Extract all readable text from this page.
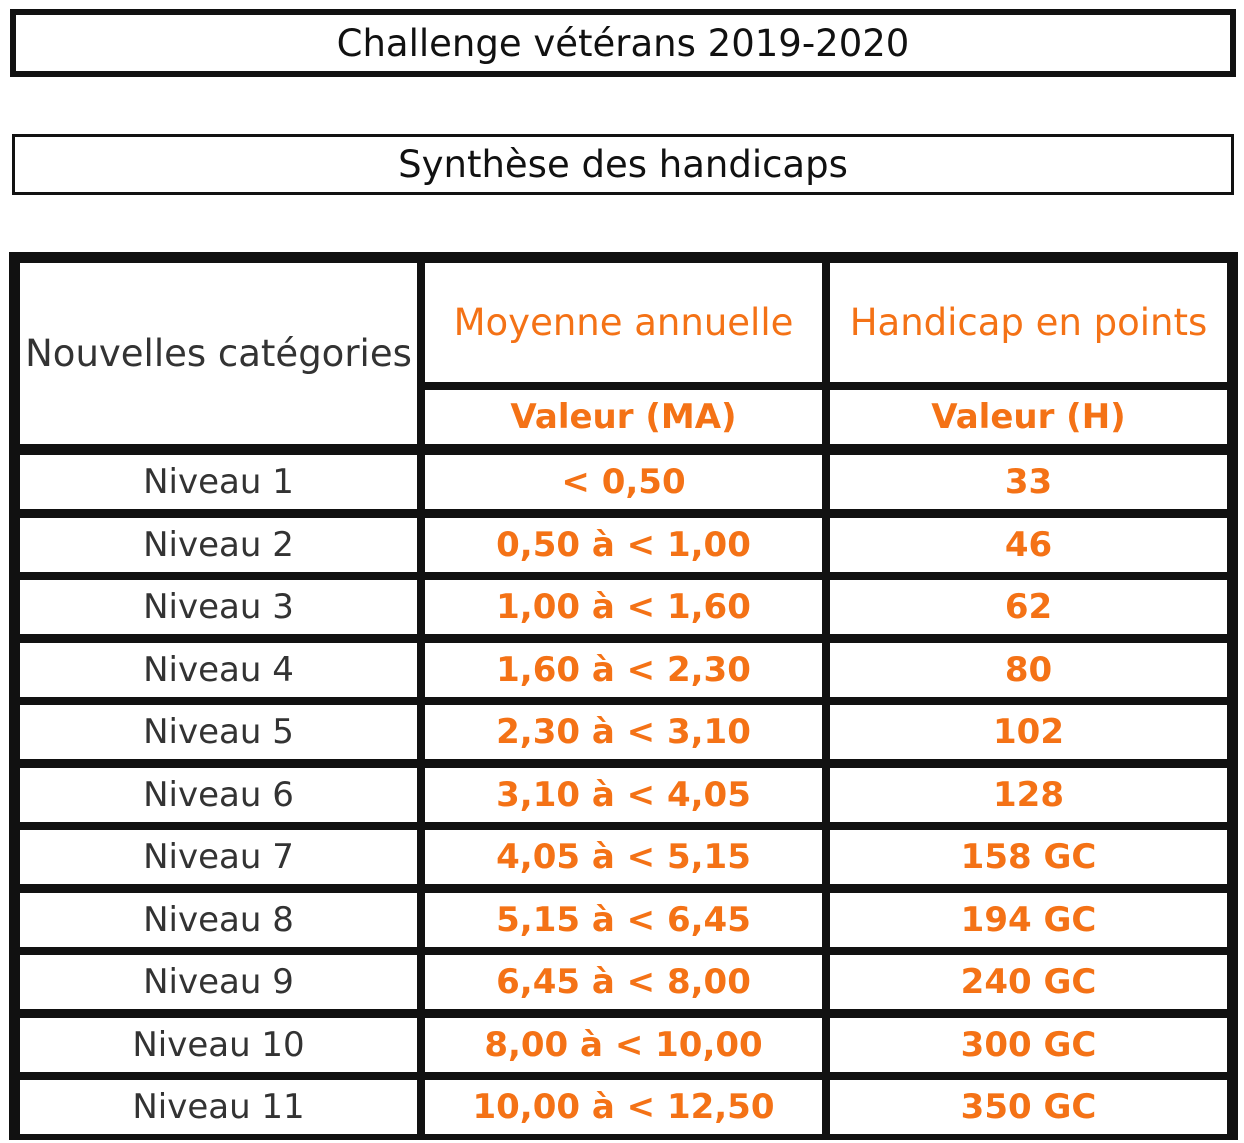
Challenge vétérans 2019-2020
Synthèse des handicaps
Nouvelles catégories
Moyenne annuelle	Handicap en points
Valeur (MA)	Valeur (H)
Niveau 1	< 0,50	33
Niveau 2	0,50 à < 1,00	46
Niveau 3	1,00 à < 1,60	62
Niveau 4	1,60 à < 2,30	80
Niveau 5	2,30 à < 3,10	102
Niveau 6	3,10 à < 4,05	128
Niveau 7	4,05 à < 5,15	158 GC
Niveau 8	5,15 à < 6,45	194 GC
Niveau 9	6,45 à < 8,00	240 GC
Niveau 10	8,00 à < 10,00	300 GC
Niveau 11	10,00 à < 12,50	350 GC
